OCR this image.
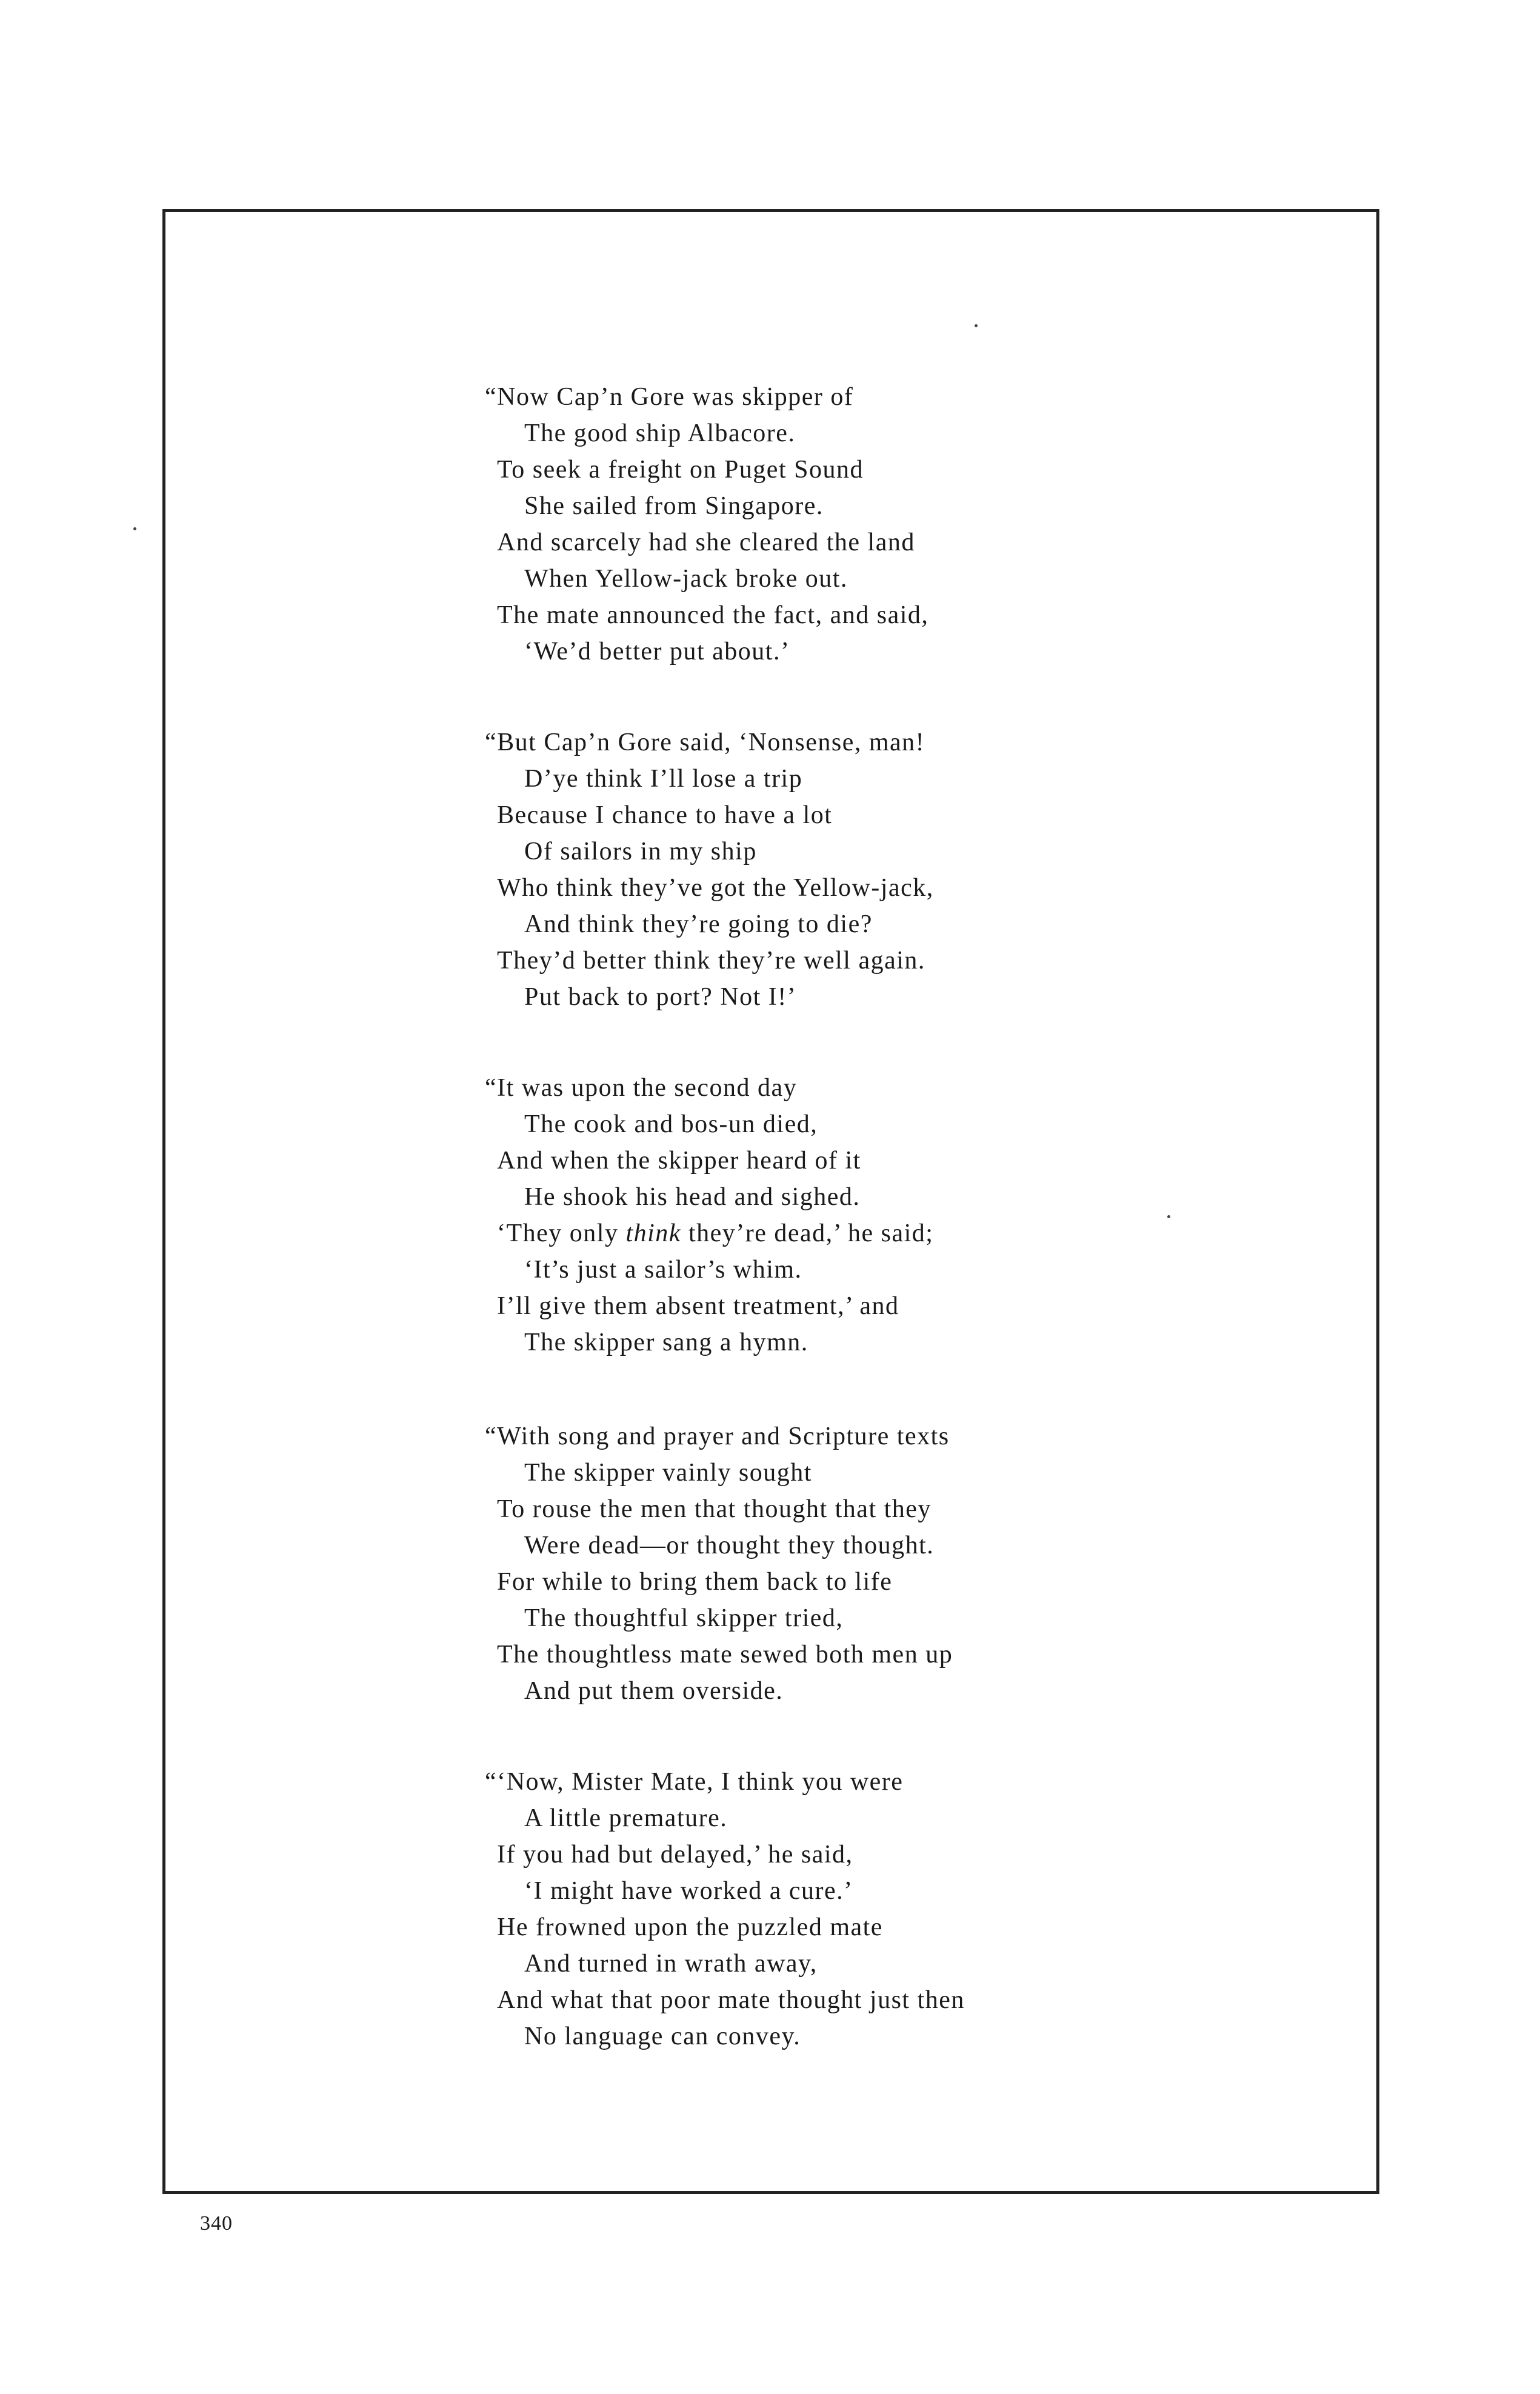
“Now Cap’n Gore was skipper of
The good ship Albacore.
To seek a freight on Puget Sound
She sailed from Singapore.
And scarcely had she cleared the land
When Yellow-jack broke out.
The mate announced the fact, and said,
‘We’d better put about.’
“But Cap’n Gore said, ‘Nonsense, man!
D’ye think I’ll lose a trip
Because I chance to have a lot
Of sailors in my ship
Who think they’ve got the Yellow-jack,
And think they’re going to die?
They’d better think they’re well again.
Put back to port? Not I!’
“It was upon the second day
The cook and bos-un died,
And when the skipper heard of it
He shook his head and sighed.
‘They only think they’re dead,’ he said;
‘It’s just a sailor’s whim.
I’ll give them absent treatment,’ and
The skipper sang a hymn.
“With song and prayer and Scripture texts
The skipper vainly sought
To rouse the men that thought that they
Were dead—or thought they thought.
For while to bring them back to life
The thoughtful skipper tried,
The thoughtless mate sewed both men up
And put them overside.
“‘Now, Mister Mate, I think you were
A little premature.
If you had but delayed,’ he said,
‘I might have worked a cure.’
He frowned upon the puzzled mate
And turned in wrath away,
And what that poor mate thought just then
No language can convey.
340
